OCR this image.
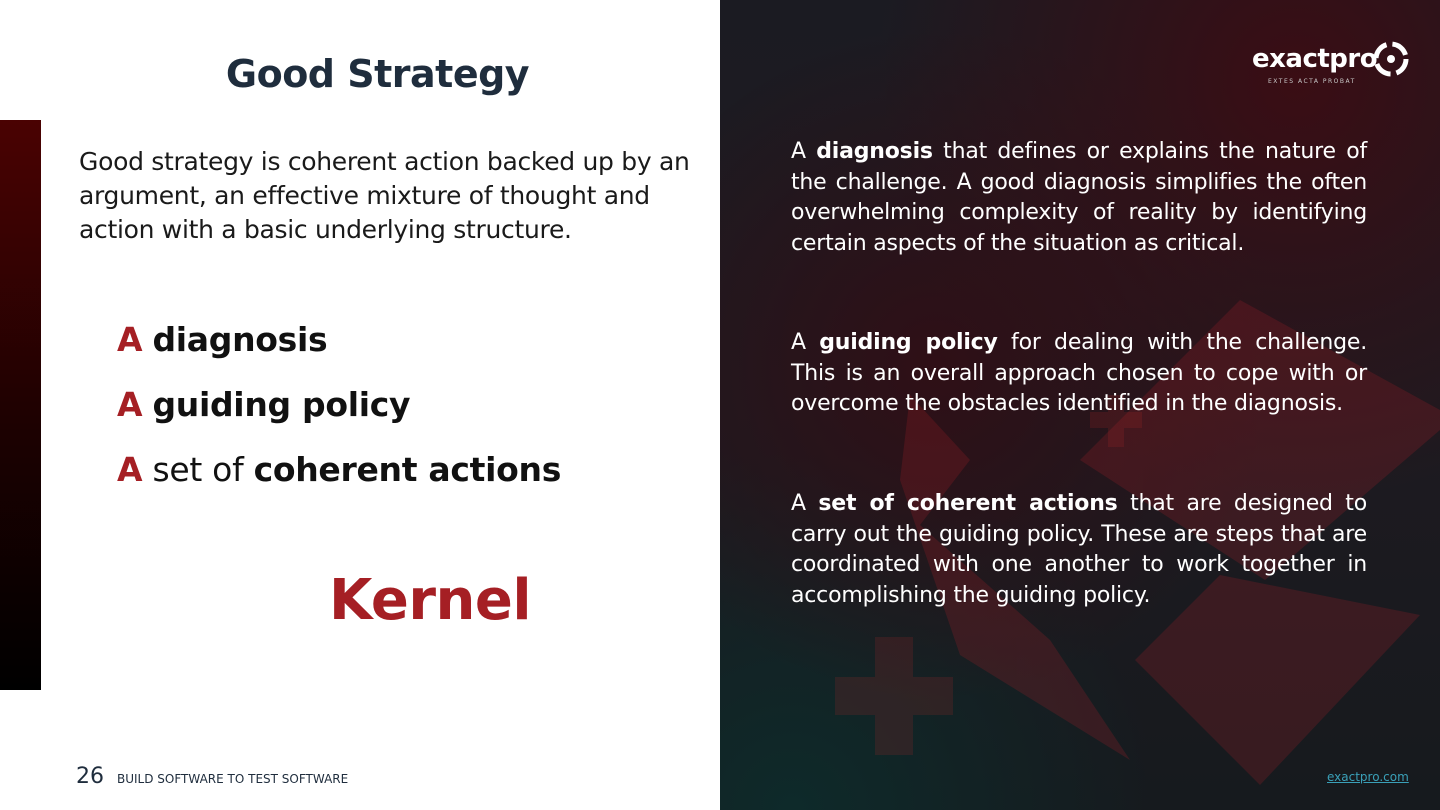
Good Strategy
Good strategy is coherent action backed up by an argument, an effective mixture of thought and action with a basic underlying structure.
A diagnosis
A guiding policy
A set of coherent actions
Kernel
26 BUILD SOFTWARE TO TEST SOFTWARE
exactpro
EXTES ACTA PROBAT
A diagnosis that defines or explains the nature of the challenge. A good diagnosis simplifies the often overwhelming complexity of reality by identifying certain aspects of the situation as critical.
A guiding policy for dealing with the challenge. This is an overall approach chosen to cope with or overcome the obstacles identified in the diagnosis.
A set of coherent actions that are designed to carry out the guiding policy. These are steps that are coordinated with one another to work together in accomplishing the guiding policy.
exactpro.com
